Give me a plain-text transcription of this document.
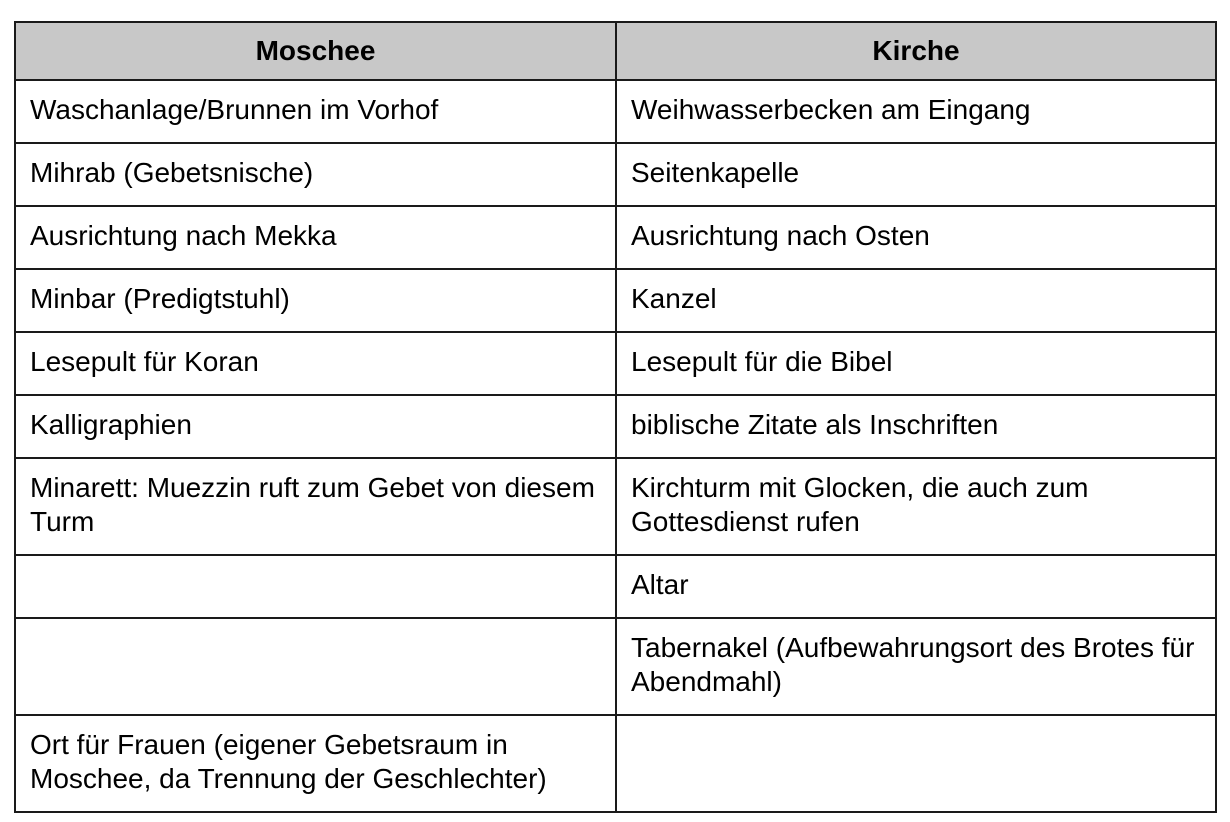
Moschee	Kirche
Waschanlage/Brunnen im Vorhof	Weihwasserbecken am Eingang
Mihrab (Gebetsnische)	Seitenkapelle
Ausrichtung nach Mekka	Ausrichtung nach Osten
Minbar (Predigtstuhl)	Kanzel
Lesepult für Koran	Lesepult für die Bibel
Kalligraphien	biblische Zitate als Inschriften
Minarett: Muezzin ruft zum Gebet von diesem Turm	Kirchturm mit Glocken, die auch zum Gottesdienst rufen
	Altar
	Tabernakel (Aufbewahrungsort des Brotes für Abendmahl)
Ort für Frauen (eigener Gebetsraum in Moschee, da Trennung der Geschlechter)	
